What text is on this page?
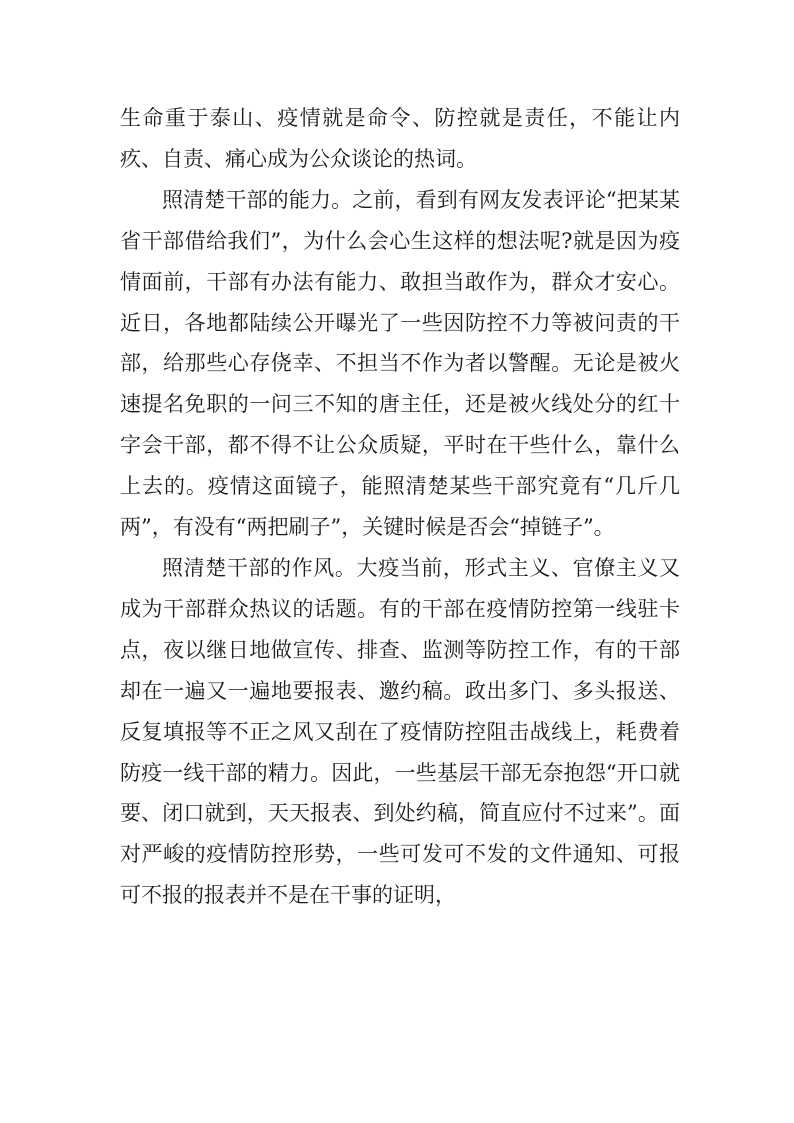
生命重于泰山、疫情就是命令、防控就是责任，不能让内疚、自责、痛心成为公众谈论的热词。

照清楚干部的能力。之前，看到有网友发表评论“把某某省干部借给我们”，为什么会心生这样的想法呢?就是因为疫情面前，干部有办法有能力、敢担当敢作为，群众才安心。近日，各地都陆续公开曝光了一些因防控不力等被问责的干部，给那些心存侥幸、不担当不作为者以警醒。无论是被火速提名免职的一问三不知的唐主任，还是被火线处分的红十字会干部，都不得不让公众质疑，平时在干些什么，靠什么上去的。疫情这面镜子，能照清楚某些干部究竟有“几斤几两”，有没有“两把刷子”，关键时候是否会“掉链子”。

照清楚干部的作风。大疫当前，形式主义、官僚主义又成为干部群众热议的话题。有的干部在疫情防控第一线驻卡点，夜以继日地做宣传、排查、监测等防控工作，有的干部却在一遍又一遍地要报表、邀约稿。政出多门、多头报送、反复填报等不正之风又刮在了疫情防控阻击战线上，耗费着防疫一线干部的精力。因此，一些基层干部无奈抱怨“开口就要、闭口就到，天天报表、到处约稿，简直应付不过来”。面对严峻的疫情防控形势，一些可发可不发的文件通知、可报可不报的报表并不是在干事的证明，
